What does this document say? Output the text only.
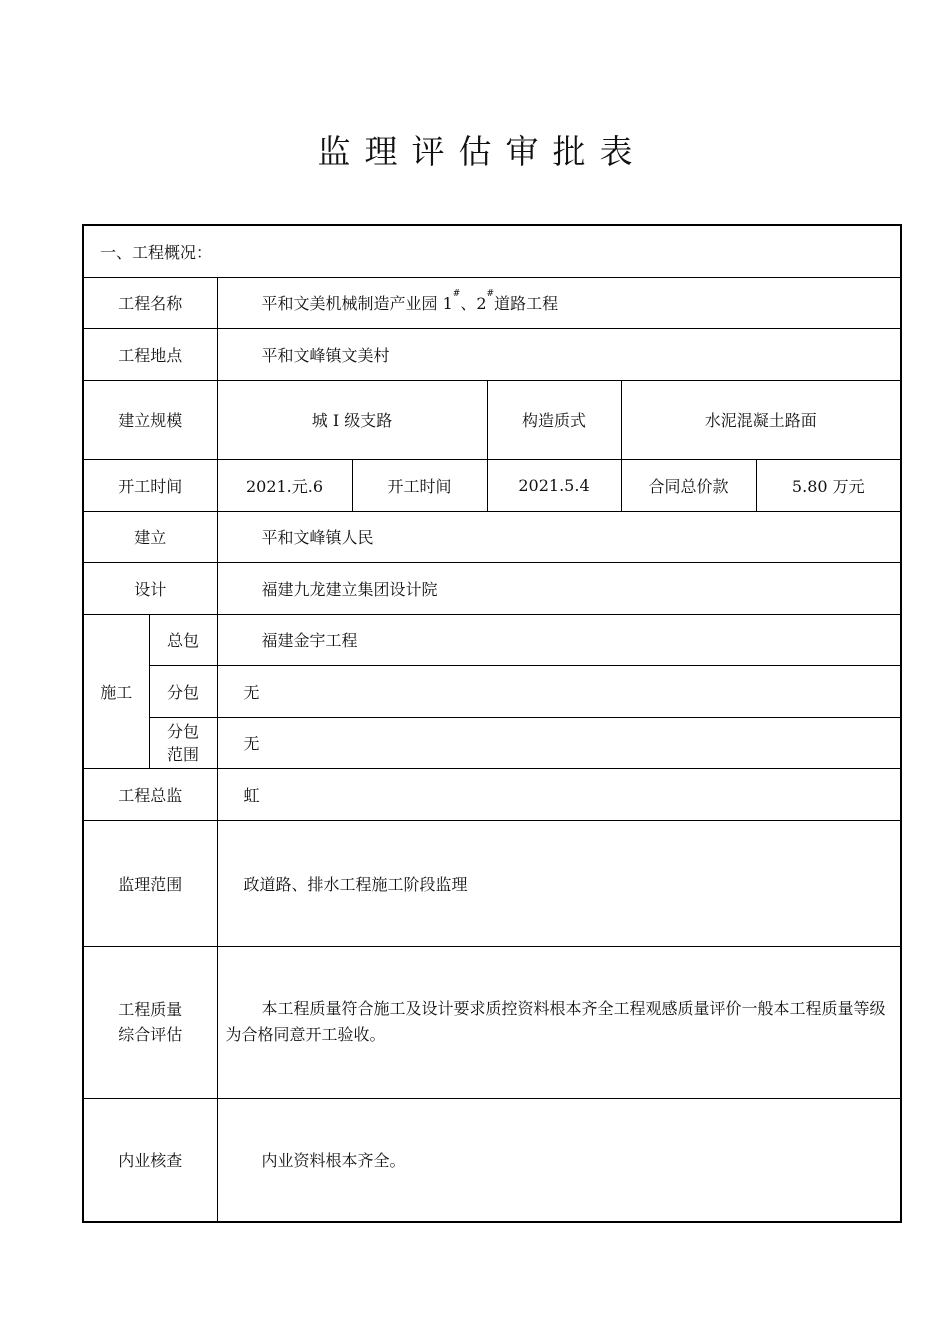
监理评估审批表
一、工程概况：						
工程名称		平和文美机械制造产业园 1#、2#道路工程				
工程地点		平和文峰镇文美村				
建立规模		城 I 级支路		构造质式	水泥混凝土路面	
开工时间		2021.元.6	开工时间	2021.5.4	合同总价款	5.80 万元
建立		平和文峰镇人民				
设计		福建九龙建立集团设计院				
施工	总包	福建金宇工程				
	分包	无				
	分包
范围	无				
工程总监		虹				
监理范围		政道路、排水工程施工阶段监理				
工程质量
综合评估		本工程质量符合施工及设计要求质控资料根本齐全工程观感质量评价一般本工程质量等级为合格同意开工验收。				
内业核查		内业资料根本齐全。				
